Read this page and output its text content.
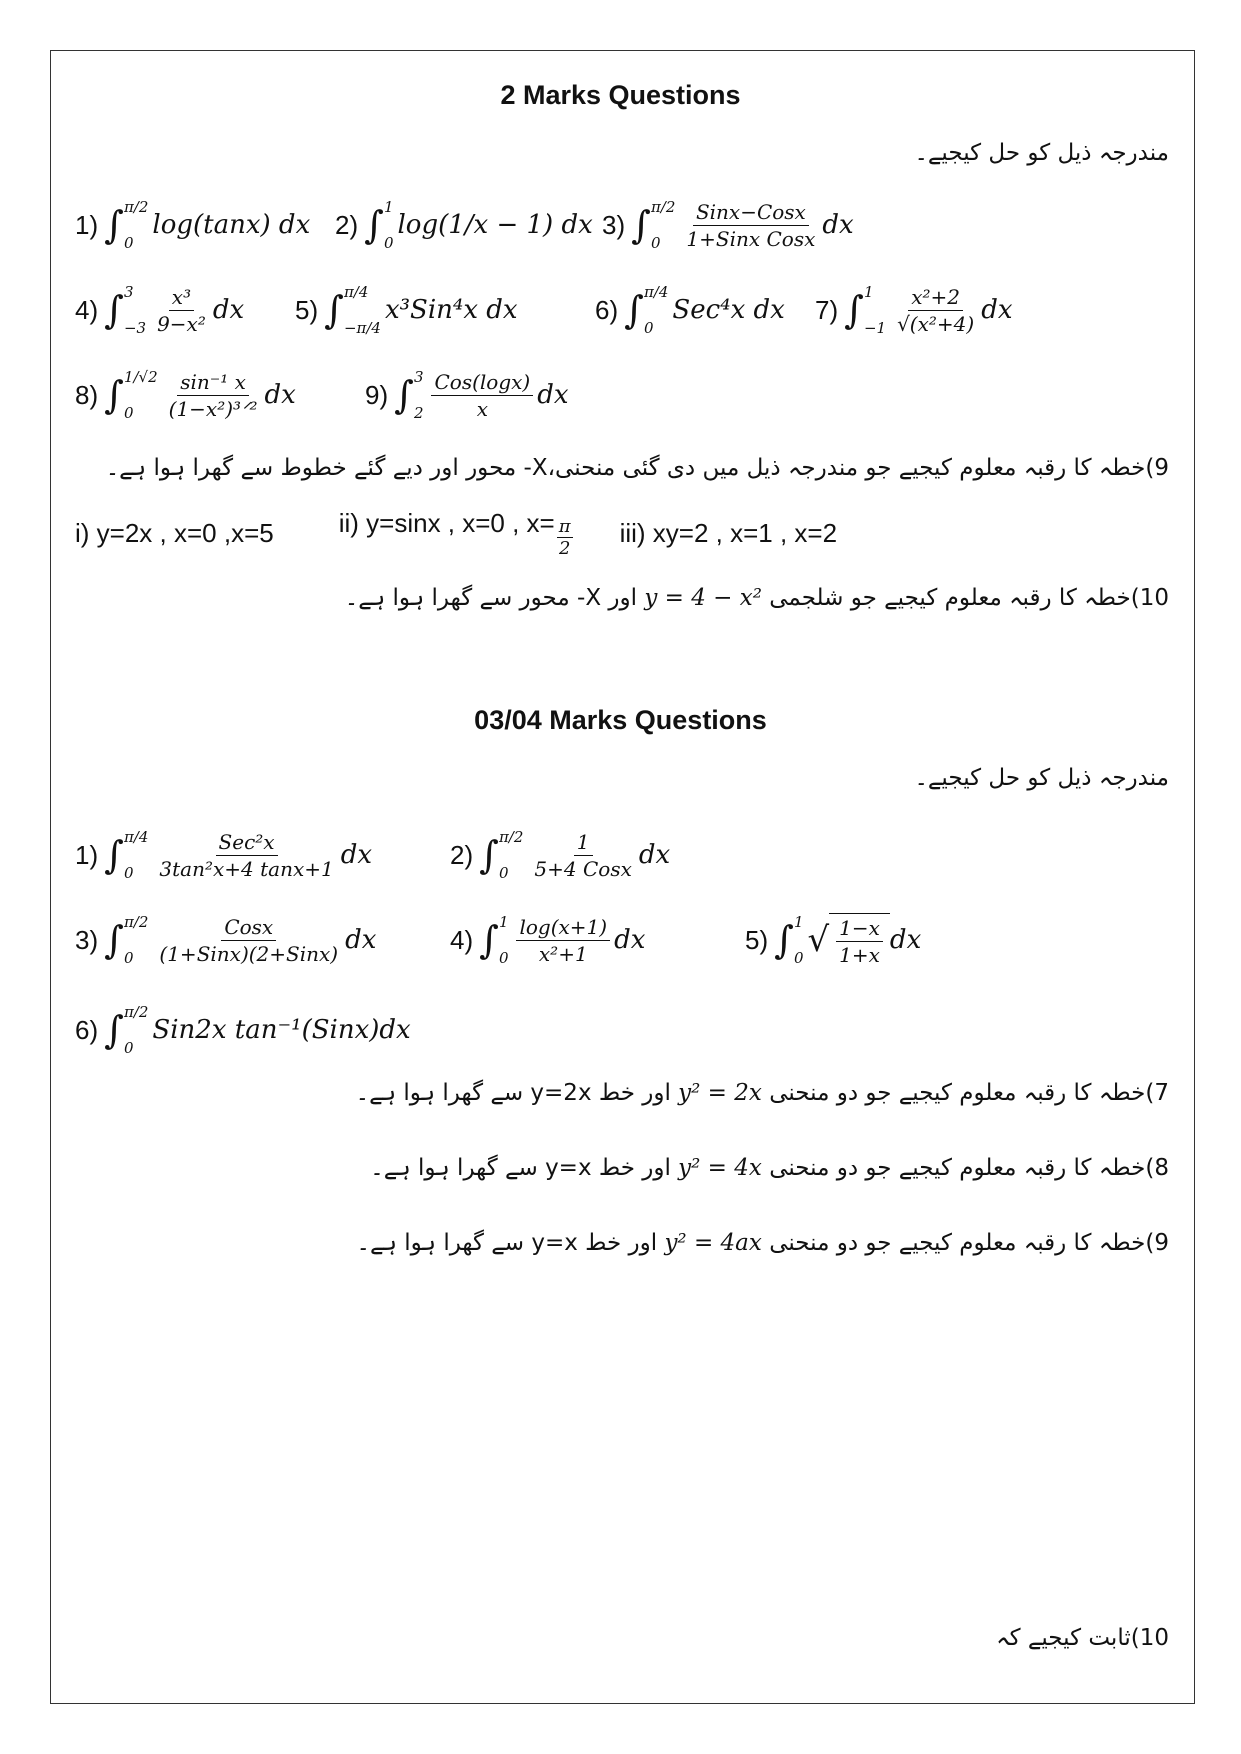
2 Marks Questions
مندرجہ ذیل کو حل کیجیے۔
1) ∫ π/2
0
log(tanx) dx 2) ∫ 1
0
log(1/x − 1) dx 3) ∫ π/2
0	$\frac{\text{Sinx−Cosx}}{\text{1+Sinx Cosx}}$ dx
4) ∫ 3
$-3 \frac{\text{x³}}{\text{9−x²}}$ dx 5) ∫ π/4
−π/4
x³Sin⁴x dx	6) ∫ π/4
0
Sec⁴x dx 7) ∫ 1
$-1 \frac{\text{x²+2}}{\text{√(x²+4)}}$ dx
8) ∫ 1/√2
0	$\frac{\text{sin⁻¹ x}}{\text{(1−x²)³ᐟ²}}$ dx	9) ∫ 3
$2 \frac{\text{Cos(logx)}}{x}$ dx
9)خطہ کا رقبہ معلوم کیجیے جو مندرجہ ذیل میں دی گئی منحنی،X- محور اور دیے گئے خطوط سے گھرا ہوا ہے۔
i) y=2x , x=0 ,x=5	ii) y=sinx , x=0 , $x= \frac{\pi}{2} iii$) xy=2 , x=1 , x=2
10)خطہ کا رقبہ معلوم کیجیے جو شلجمی y = 4 − x² اور X- محور سے گھرا ہوا ہے۔
03/04 Marks Questions
مندرجہ ذیل کو حل کیجیے۔
1) ∫ π/4
0	$\frac{\text{Sec²x}}{\text{3tan²x+4 tanx+1}}$ dx	2) ∫ π/2
0	$\frac{1}{\text{5+4 Cosx}}$ dx
3) ∫ π/2
0	$\frac{\text{Cosx}}{\text{(1+Sinx)(2+Sinx)}}$ dx	4) ∫ 1
$0 \frac{\log(x+1)}{\text{x²+1}}$ dx	5) ∫ 1
0 √ $\frac{1-x}{1+x}$ dx
6) ∫ π/2
0
Sin2x tan⁻¹(Sinx)dx
7)خطہ کا رقبہ معلوم کیجیے جو دو منحنی y² = 2x اور خط y=2x سے گھرا ہوا ہے۔
8)خطہ کا رقبہ معلوم کیجیے جو دو منحنی y² = 4x اور خط y=x سے گھرا ہوا ہے۔
9)خطہ کا رقبہ معلوم کیجیے جو دو منحنی y² = 4ax اور خط y=x سے گھرا ہوا ہے۔
10)ثابت کیجیے کہ
